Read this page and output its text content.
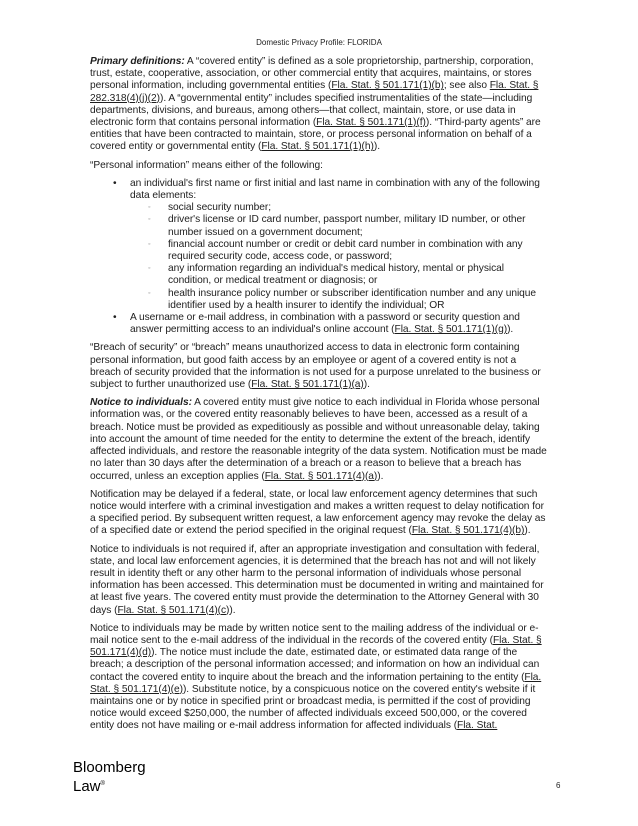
Domestic Privacy Profile: FLORIDA

Primary definitions: A “covered entity” is defined as a sole proprietorship, partnership, corporation, trust, estate, cooperative, association, or other commercial entity that acquires, maintains, or stores personal information, including governmental entities (Fla. Stat. § 501.171(1)(b); see also Fla. Stat. § 282.318(4)(j)(2)). A “governmental entity” includes specified instrumentalities of the state—including departments, divisions, and bureaus, among others—that collect, maintain, store, or use data in electronic form that contains personal information (Fla. Stat. § 501.171(1)(f)). “Third-party agents” are entities that have been contracted to maintain, store, or process personal information on behalf of a covered entity or governmental entity (Fla. Stat. § 501.171(1)(h)).

“Personal information” means either of the following:

• an individual's first name or first initial and last name in combination with any of the following data elements:
◦ social security number;
◦ driver's license or ID card number, passport number, military ID number, or other number issued on a government document;
◦ financial account number or credit or debit card number in combination with any required security code, access code, or password;
◦ any information regarding an individual's medical history, mental or physical condition, or medical treatment or diagnosis; or
◦ health insurance policy number or subscriber identification number and any unique identifier used by a health insurer to identify the individual; OR
• A username or e-mail address, in combination with a password or security question and answer permitting access to an individual's online account (Fla. Stat. § 501.171(1)(g)).

“Breach of security” or “breach” means unauthorized access to data in electronic form containing personal information, but good faith access by an employee or agent of a covered entity is not a breach of security provided that the information is not used for a purpose unrelated to the business or subject to further unauthorized use (Fla. Stat. § 501.171(1)(a)).

Notice to individuals: A covered entity must give notice to each individual in Florida whose personal information was, or the covered entity reasonably believes to have been, accessed as a result of a breach. Notice must be provided as expeditiously as possible and without unreasonable delay, taking into account the amount of time needed for the entity to determine the extent of the breach, identify affected individuals, and restore the reasonable integrity of the data system. Notification must be made no later than 30 days after the determination of a breach or a reason to believe that a breach has occurred, unless an exception applies (Fla. Stat. § 501.171(4)(a)).

Notification may be delayed if a federal, state, or local law enforcement agency determines that such notice would interfere with a criminal investigation and makes a written request to delay notification for a specified period. By subsequent written request, a law enforcement agency may revoke the delay as of a specified date or extend the period specified in the original request (Fla. Stat. § 501.171(4)(b)).

Notice to individuals is not required if, after an appropriate investigation and consultation with federal, state, and local law enforcement agencies, it is determined that the breach has not and will not likely result in identity theft or any other harm to the personal information of individuals whose personal information has been accessed. This determination must be documented in writing and maintained for at least five years. The covered entity must provide the determination to the Attorney General with 30 days (Fla. Stat. § 501.171(4)(c)).

Notice to individuals may be made by written notice sent to the mailing address of the individual or e-mail notice sent to the e-mail address of the individual in the records of the covered entity (Fla. Stat. § 501.171(4)(d)). The notice must include the date, estimated date, or estimated data range of the breach; a description of the personal information accessed; and information on how an individual can contact the covered entity to inquire about the breach and the information pertaining to the entity (Fla. Stat. § 501.171(4)(e)). Substitute notice, by a conspicuous notice on the covered entity's website if it maintains one or by notice in specified print or broadcast media, is permitted if the cost of providing notice would exceed $250,000, the number of affected individuals exceed 500,000, or the covered entity does not have mailing or e-mail address information for affected individuals (Fla. Stat.

Bloomberg
Law®	6
